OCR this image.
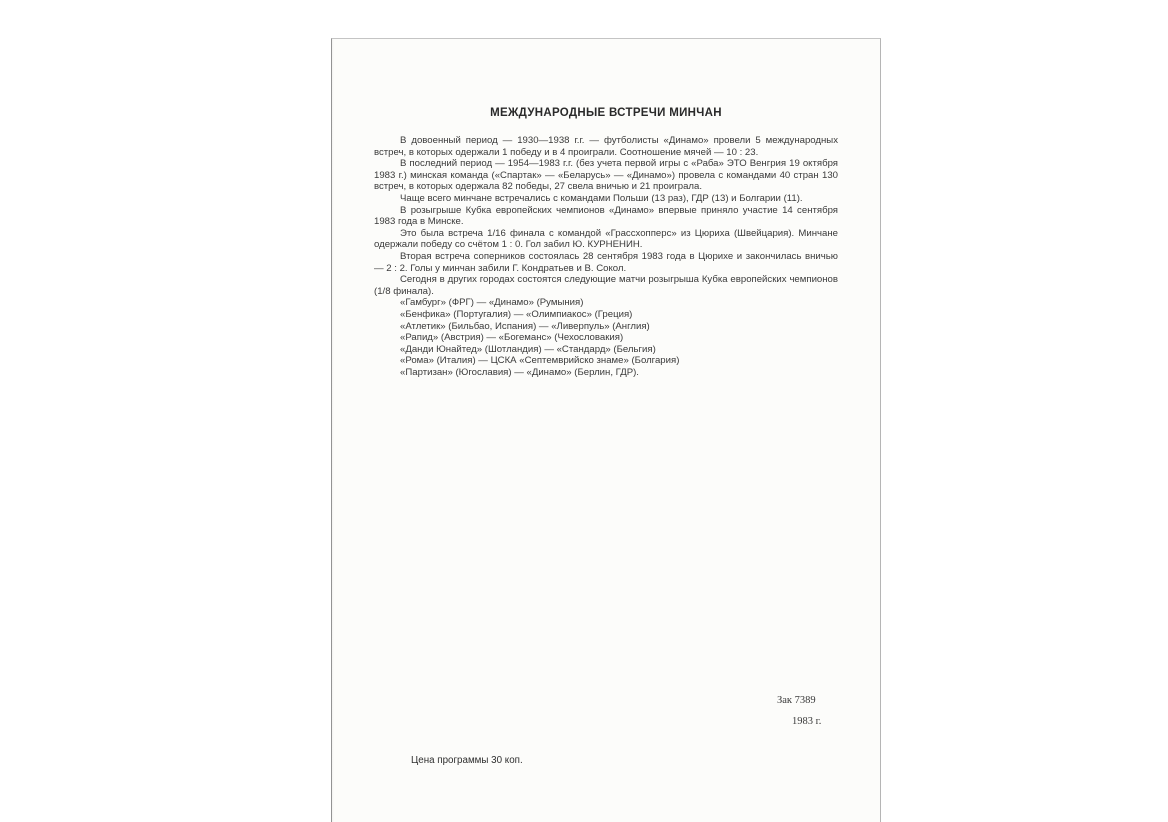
МЕЖДУНАРОДНЫЕ ВСТРЕЧИ МИНЧАН

В довоенный период — 1930—1938 г.г. — футболисты «Динамо» провели 5 международных встреч, в которых одержали 1 победу и в 4 проиграли. Соотношение мячей — 10 : 23.

В последний период — 1954—1983 г.г. (без учета первой игры с «Раба» ЭТО Венгрия 19 октября 1983 г.) минская команда («Спартак» — «Беларусь» — «Динамо») провела с командами 40 стран 130 встреч, в которых одержала 82 победы, 27 свела вничью и 21 проиграла.

Чаще всего минчане встречались с командами Польши (13 раз), ГДР (13) и Болгарии (11).

В розыгрыше Кубка европейских чемпионов «Динамо» впервые приняло участие 14 сентября 1983 года в Минске.

Это была встреча 1/16 финала с командой «Грассхопперс» из Цюриха (Швейцария). Минчане одержали победу со счётом 1 : 0. Гол забил Ю. КУРНЕНИН.

Вторая встреча соперников состоялась 28 сентября 1983 года в Цюрихе и закончилась вничью — 2 : 2. Голы у минчан забили Г. Кондратьев и В. Сокол.

Сегодня в других городах состоятся следующие матчи розыгрыша Кубка европейских чемпионов (1/8 финала).

«Гамбург» (ФРГ) — «Динамо» (Румыния)
«Бенфика» (Португалия) — «Олимпиакос» (Греция)
«Атлетик» (Бильбао, Испания) — «Ливерпуль» (Англия)
«Рапид» (Австрия) — «Богеманс» (Чехословакия)
«Данди Юнайтед» (Шотландия) — «Стандард» (Бельгия)
«Рома» (Италия) — ЦСКА «Септемврийско знаме» (Болгария)
«Партизан» (Югославия) — «Динамо» (Берлин, ГДР).
Зак 7389
1983 г.
Цена программы 30 коп.
